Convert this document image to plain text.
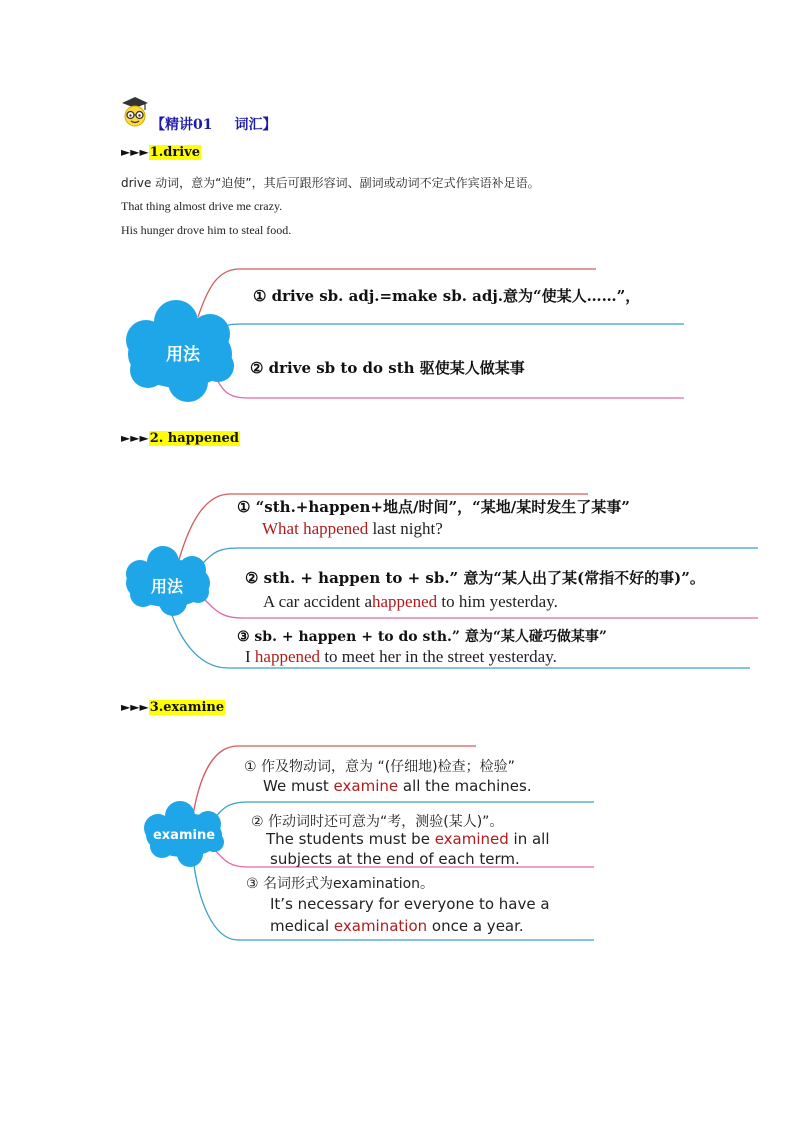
【精讲01 词汇】
►►►1.drive
drive 动词，意为“迫使”，其后可跟形容词、副词或动词不定式作宾语补足语。
That thing almost drive me crazy.
His hunger drove him to steal food.
用法
① drive sb. adj.=make sb. adj.意为“使某人……”，
② drive sb to do sth 驱使某人做某事
►►►2. happened
用法
① “sth.+happen+地点/时间”，“某地/某时发生了某事”
What happened last night?
② sth. + happen to + sb.” 意为“某人出了某(常指不好的事)”。
A car accident ahappened to him yesterday.
③ sb. + happen + to do sth.” 意为“某人碰巧做某事”
I happened to meet her in the street yesterday.
►►►3.examine
examine
① 作及物动词，意为 “(仔细地)检查；检验”
We must examine all the machines.
② 作动词时还可意为“考，测验(某人)”。
The students must be examined in all
subjects at the end of each term.
③ 名词形式为examination。
It’s necessary for everyone to have a
medical examination once a year.
